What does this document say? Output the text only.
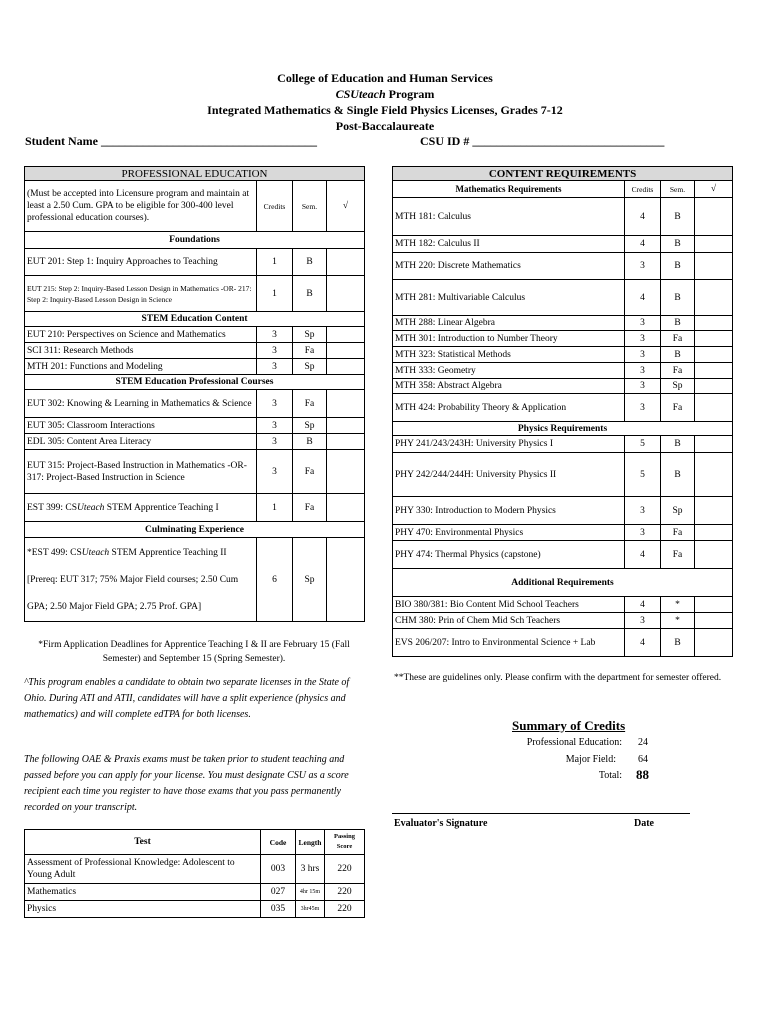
College of Education and Human Services
CSUteach Program
Integrated Mathematics & Single Field Physics Licenses, Grades 7-12
Post-Baccalaureate
Student Name ____________________________________	CSU ID # ________________________________
PROFESSIONAL EDUCATION			
(Must be accepted into Licensure program and maintain at least a 2.50 Cum. GPA to be eligible for 300-400 level professional education courses).	Credits	Sem.	√
Foundations			
EUT 201: Step 1: Inquiry Approaches to Teaching	1	B	
EUT 215: Step 2: Inquiry-Based Lesson Design in Mathematics -OR- 217: Step 2: Inquiry-Based Lesson Design in Science	1	B	
STEM Education Content			
EUT 210: Perspectives on Science and Mathematics	3	Sp	
SCI 311: Research Methods	3	Fa	
MTH 201: Functions and Modeling	3	Sp	
STEM Education Professional Courses			
EUT 302: Knowing & Learning in Mathematics & Science	3	Fa	
EUT 305: Classroom Interactions	3	Sp	
EDL 305: Content Area Literacy	3	B	
EUT 315: Project-Based Instruction in Mathematics -OR- 317: Project-Based Instruction in Science	3	Fa	
EST 399: CSUteach STEM Apprentice Teaching I	1	Fa	
Culminating Experience			
*EST 499: CSUteach STEM Apprentice Teaching II
[Prereq: EUT 317; 75% Major Field courses; 2.50 Cum GPA; 2.50 Major Field GPA; 2.75 Prof. GPA]	6	Sp	
CONTENT REQUIREMENTS			
Mathematics Requirements	Credits	Sem.	√
MTH 181: Calculus	4	B	
MTH 182: Calculus II	4	B	
MTH 220: Discrete Mathematics	3	B	
MTH 281: Multivariable Calculus	4	B	
MTH 288: Linear Algebra	3	B	
MTH 301: Introduction to Number Theory	3	Fa	
MTH 323: Statistical Methods	3	B	
MTH 333: Geometry	3	Fa	
MTH 358: Abstract Algebra	3	Sp	
MTH 424: Probability Theory & Application	3	Fa	
Physics Requirements			
PHY 241/243/243H: University Physics I	5	B	
PHY 242/244/244H: University Physics II	5	B	
PHY 330: Introduction to Modern Physics	3	Sp	
PHY 470: Environmental Physics	3	Fa	
PHY 474: Thermal Physics (capstone)	4	Fa	
Additional Requirements			
BIO 380/381: Bio Content Mid School Teachers	4	*	
CHM 380: Prin of Chem Mid Sch Teachers	3	*	
EVS 206/207: Intro to Environmental Science + Lab	4	B	
*Firm Application Deadlines for Apprentice Teaching I & II are February 15 (Fall Semester) and September 15 (Spring Semester).
^This program enables a candidate to obtain two separate licenses in the State of Ohio. During ATI and ATII, candidates will have a split experience (physics and mathematics) and will complete edTPA for both licenses.
The following OAE & Praxis exams must be taken prior to student teaching and passed before you can apply for your license. You must designate CSU as a score recipient each time you register to have those exams that you pass permanently recorded on your transcript.
**These are guidelines only. Please confirm with the department for semester offered.
Summary of Credits
Professional Education: 24
Major Field: 64
Total: 88
Evaluator's Signature	Date
Test	Code	Length	Passing Score
Assessment of Professional Knowledge: Adolescent to Young Adult	003	3 hrs	220
Mathematics	027	4hr 15m	220
Physics	035	3hr45m	220
